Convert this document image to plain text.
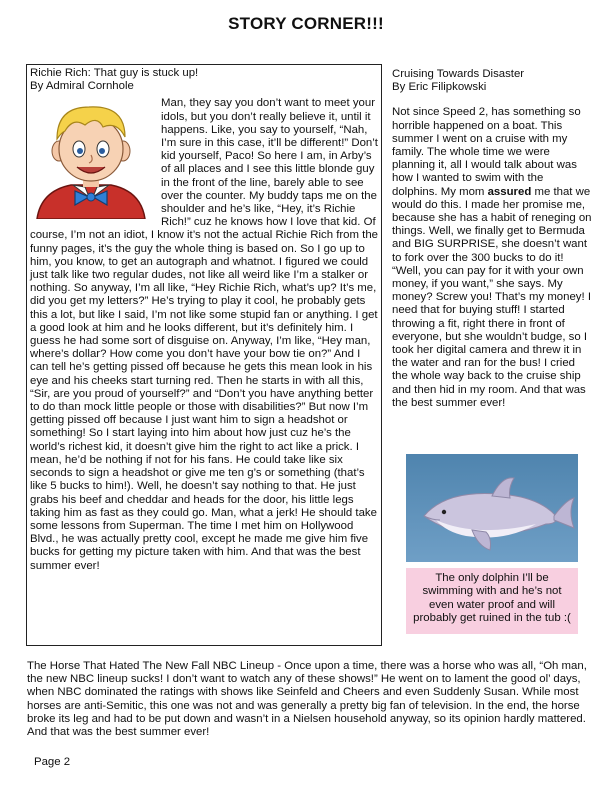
STORY CORNER!!!
Richie Rich: That guy is stuck up!
By Admiral Cornhole
Man, they say you don’t want to meet your idols, but you don’t really believe it, until it happens. Like, you say to yourself, “Nah, I’m sure in this case, it’ll be different!” Don’t kid yourself, Paco! So here I am, in Arby’s of all places and I see this little blonde guy in the front of the line, barely able to see over the counter. My buddy taps me on the shoulder and he’s like, “Hey, it’s Richie Rich!” cuz he knows how I love that kid. Of course, I’m not an idiot, I know it’s not the actual Richie Rich from the funny pages, it’s the guy the whole thing is based on. So I go up to him, you know, to get an autograph and whatnot. I figured we could just talk like two regular dudes, not like all weird like I’m a stalker or nothing. So anyway, I’m all like, “Hey Richie Rich, what’s up? It’s me, did you get my letters?” He’s trying to play it cool, he probably gets this a lot, but like I said, I’m not like some stupid fan or anything. I get a good look at him and he looks different, but it’s definitely him. I guess he had some sort of disguise on. Anyway, I’m like, “Hey man, where’s dollar? How come you don’t have your bow tie on?” And I can tell he’s getting pissed off because he gets this mean look in his eye and his cheeks start turning red. Then he starts in with all this, “Sir, are you proud of yourself?” and “Don’t you have anything better to do than mock little people or those with disabilities?” But now I’m getting pissed off because I just want him to sign a headshot or something! So I start laying into him about how just cuz he’s the world’s richest kid, it doesn’t give him the right to act like a prick. I mean, he’d be nothing if not for his fans. He could take like six seconds to sign a headshot or give me ten g’s or something (that’s like 5 bucks to him!). Well, he doesn’t say nothing to that. He just grabs his beef and cheddar and heads for the door, his little legs taking him as fast as they could go. Man, what a jerk! He should take some lessons from Superman. The time I met him on Hollywood Blvd., he was actually pretty cool, except he made me give him five bucks for getting my picture taken with him. And that was the best summer ever!
Cruising Towards Disaster
By Eric Filipkowski
Not since Speed 2, has something so horrible happened on a boat. This summer I went on a cruise with my family. The whole time we were planning it, all I would talk about was how I wanted to swim with the dolphins. My mom assured me that we would do this. I made her promise me, because she has a habit of reneging on things. Well, we finally get to Bermuda and BIG SURPRISE, she doesn’t want to fork over the 300 bucks to do it! “Well, you can pay for it with your own money, if you want,” she says. My money? Screw you! That’s my money! I need that for buying stuff! I started throwing a fit, right there in front of everyone, but she wouldn’t budge, so I took her digital camera and threw it in the water and ran for the bus! I cried the whole way back to the cruise ship and then hid in my room. And that was the best summer ever!
The only dolphin I’ll be swimming with and he’s not even water proof and will probably get ruined in the tub :(
The Horse That Hated The New Fall NBC Lineup - Once upon a time, there was a horse who was all, “Oh man, the new NBC lineup sucks! I don’t want to watch any of these shows!” He went on to lament the good ol’ days, when NBC dominated the ratings with shows like Seinfeld and Cheers and even Suddenly Susan. While most horses are anti-Semitic, this one was not and was generally a pretty big fan of television. In the end, the horse broke its leg and had to be put down and wasn’t in a Nielsen household anyway, so its opinion hardly mattered. And that was the best summer ever!
Page 2
